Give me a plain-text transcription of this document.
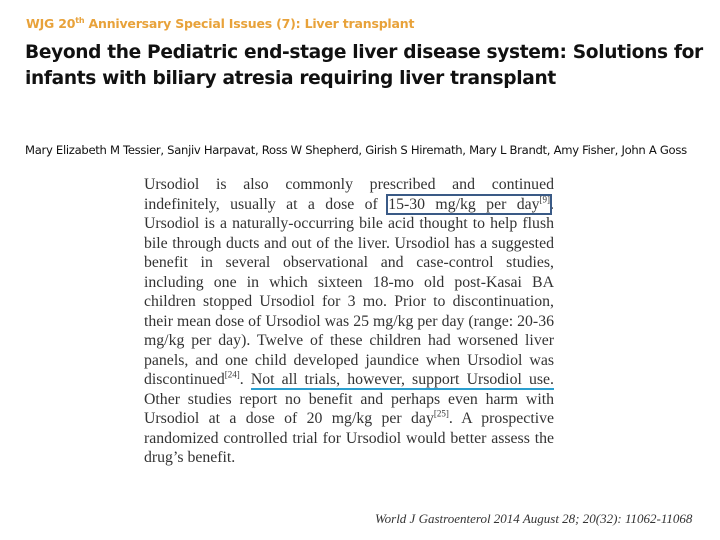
WJG 20th Anniversary Special Issues (7): Liver transplant
Beyond the Pediatric end-stage liver disease system: Solutions for infants with biliary atresia requiring liver transplant

Mary Elizabeth M Tessier, Sanjiv Harpavat, Ross W Shepherd, Girish S Hiremath, Mary L Brandt, Amy Fisher, John A Goss

Ursodiol is also commonly prescribed and continued indefinitely, usually at a dose of 15-30 mg/kg per day[9]. Ursodiol is a naturally-occurring bile acid thought to help flush bile through ducts and out of the liver. Ursodiol has a suggested benefit in several observational and case-control studies, including one in which sixteen 18-mo old post-Kasai BA children stopped Ursodiol for 3 mo. Prior to discontinuation, their mean dose of Ursodiol was 25 mg/kg per day (range: 20-36 mg/kg per day). Twelve of these children had worsened liver panels, and one child developed jaundice when Ursodiol was discontinued[24]. Not all trials, however, support Ursodiol use. Other studies report no benefit and perhaps even harm with Ursodiol at a dose of 20 mg/kg per day[25]. A prospective randomized controlled trial for Ursodiol would better assess the drug’s benefit.

World J Gastroenterol 2014 August 28; 20(32): 11062-11068
